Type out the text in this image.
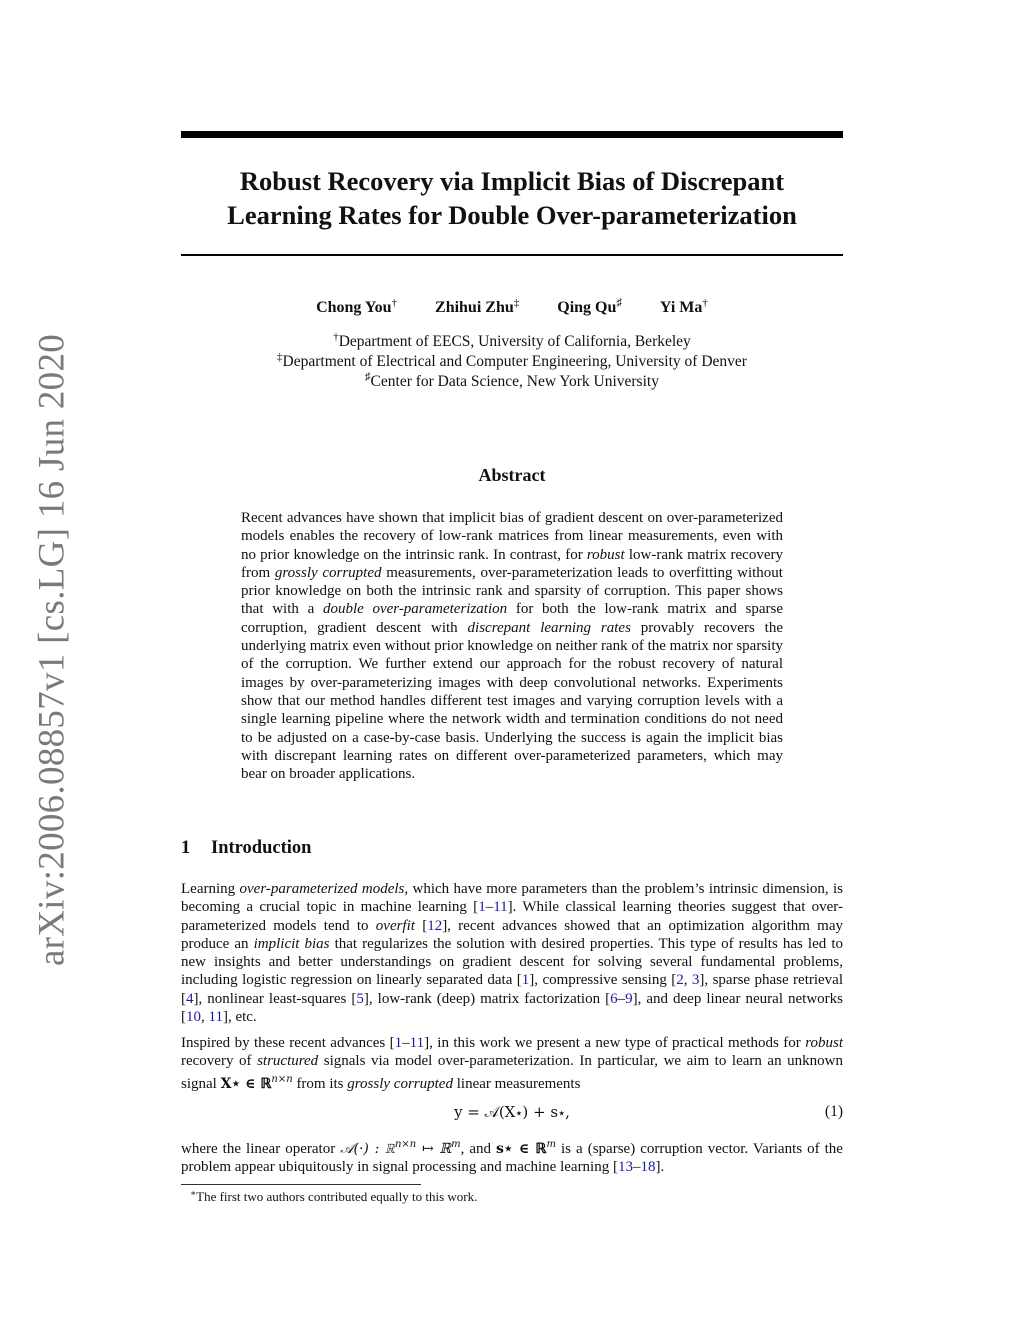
arXiv:2006.08857v1 [cs.LG] 16 Jun 2020
Robust Recovery via Implicit Bias of Discrepant
Learning Rates for Double Over-parameterization
Chong You† Zhihui Zhu‡ Qing Qu♯ Yi Ma†
†Department of EECS, University of California, Berkeley
‡Department of Electrical and Computer Engineering, University of Denver
♯Center for Data Science, New York University
Abstract
Recent advances have shown that implicit bias of gradient descent on over-parameterized models enables the recovery of low-rank matrices from linear measurements, even with no prior knowledge on the intrinsic rank. In contrast, for robust low-rank matrix recovery from grossly corrupted measurements, over-parameterization leads to overfitting without prior knowledge on both the intrinsic rank and sparsity of corruption. This paper shows that with a double over-parameterization for both the low-rank matrix and sparse corruption, gradient descent with discrepant learning rates provably recovers the underlying matrix even without prior knowledge on neither rank of the matrix nor sparsity of the corruption. We further extend our approach for the robust recovery of natural images by over-parameterizing images with deep convolutional networks. Experiments show that our method handles different test images and varying corruption levels with a single learning pipeline where the network width and termination conditions do not need to be adjusted on a case-by-case basis. Underlying the success is again the implicit bias with discrepant learning rates on different over-parameterized parameters, which may bear on broader applications.
1 Introduction
Learning over-parameterized models, which have more parameters than the problem’s intrinsic dimension, is becoming a crucial topic in machine learning [1–11]. While classical learning theories suggest that over-parameterized models tend to overfit [12], recent advances showed that an optimization algorithm may produce an implicit bias that regularizes the solution with desired properties. This type of results has led to new insights and better understandings on gradient descent for solving several fundamental problems, including logistic regression on linearly separated data [1], compressive sensing [2, 3], sparse phase retrieval [4], nonlinear least-squares [5], low-rank (deep) matrix factorization [6–9], and deep linear neural networks [10, 11], etc.
Inspired by these recent advances [1–11], in this work we present a new type of practical methods for robust recovery of structured signals via model over-parameterization. In particular, we aim to learn an unknown signal X⋆ ∈ ℝ$^{n\times n}$ from its grossly corrupted linear measurements
y = 𝒜(X⋆) + s⋆,	(1)
where the linear operator 𝒜(·) : ℝ$^{n\times n}$ ↦ ℝ$^m$, and s⋆ ∈ ℝ$^m$ is a (sparse) corruption vector. Variants of the problem appear ubiquitously in signal processing and machine learning [13–18].
∗The first two authors contributed equally to this work.
